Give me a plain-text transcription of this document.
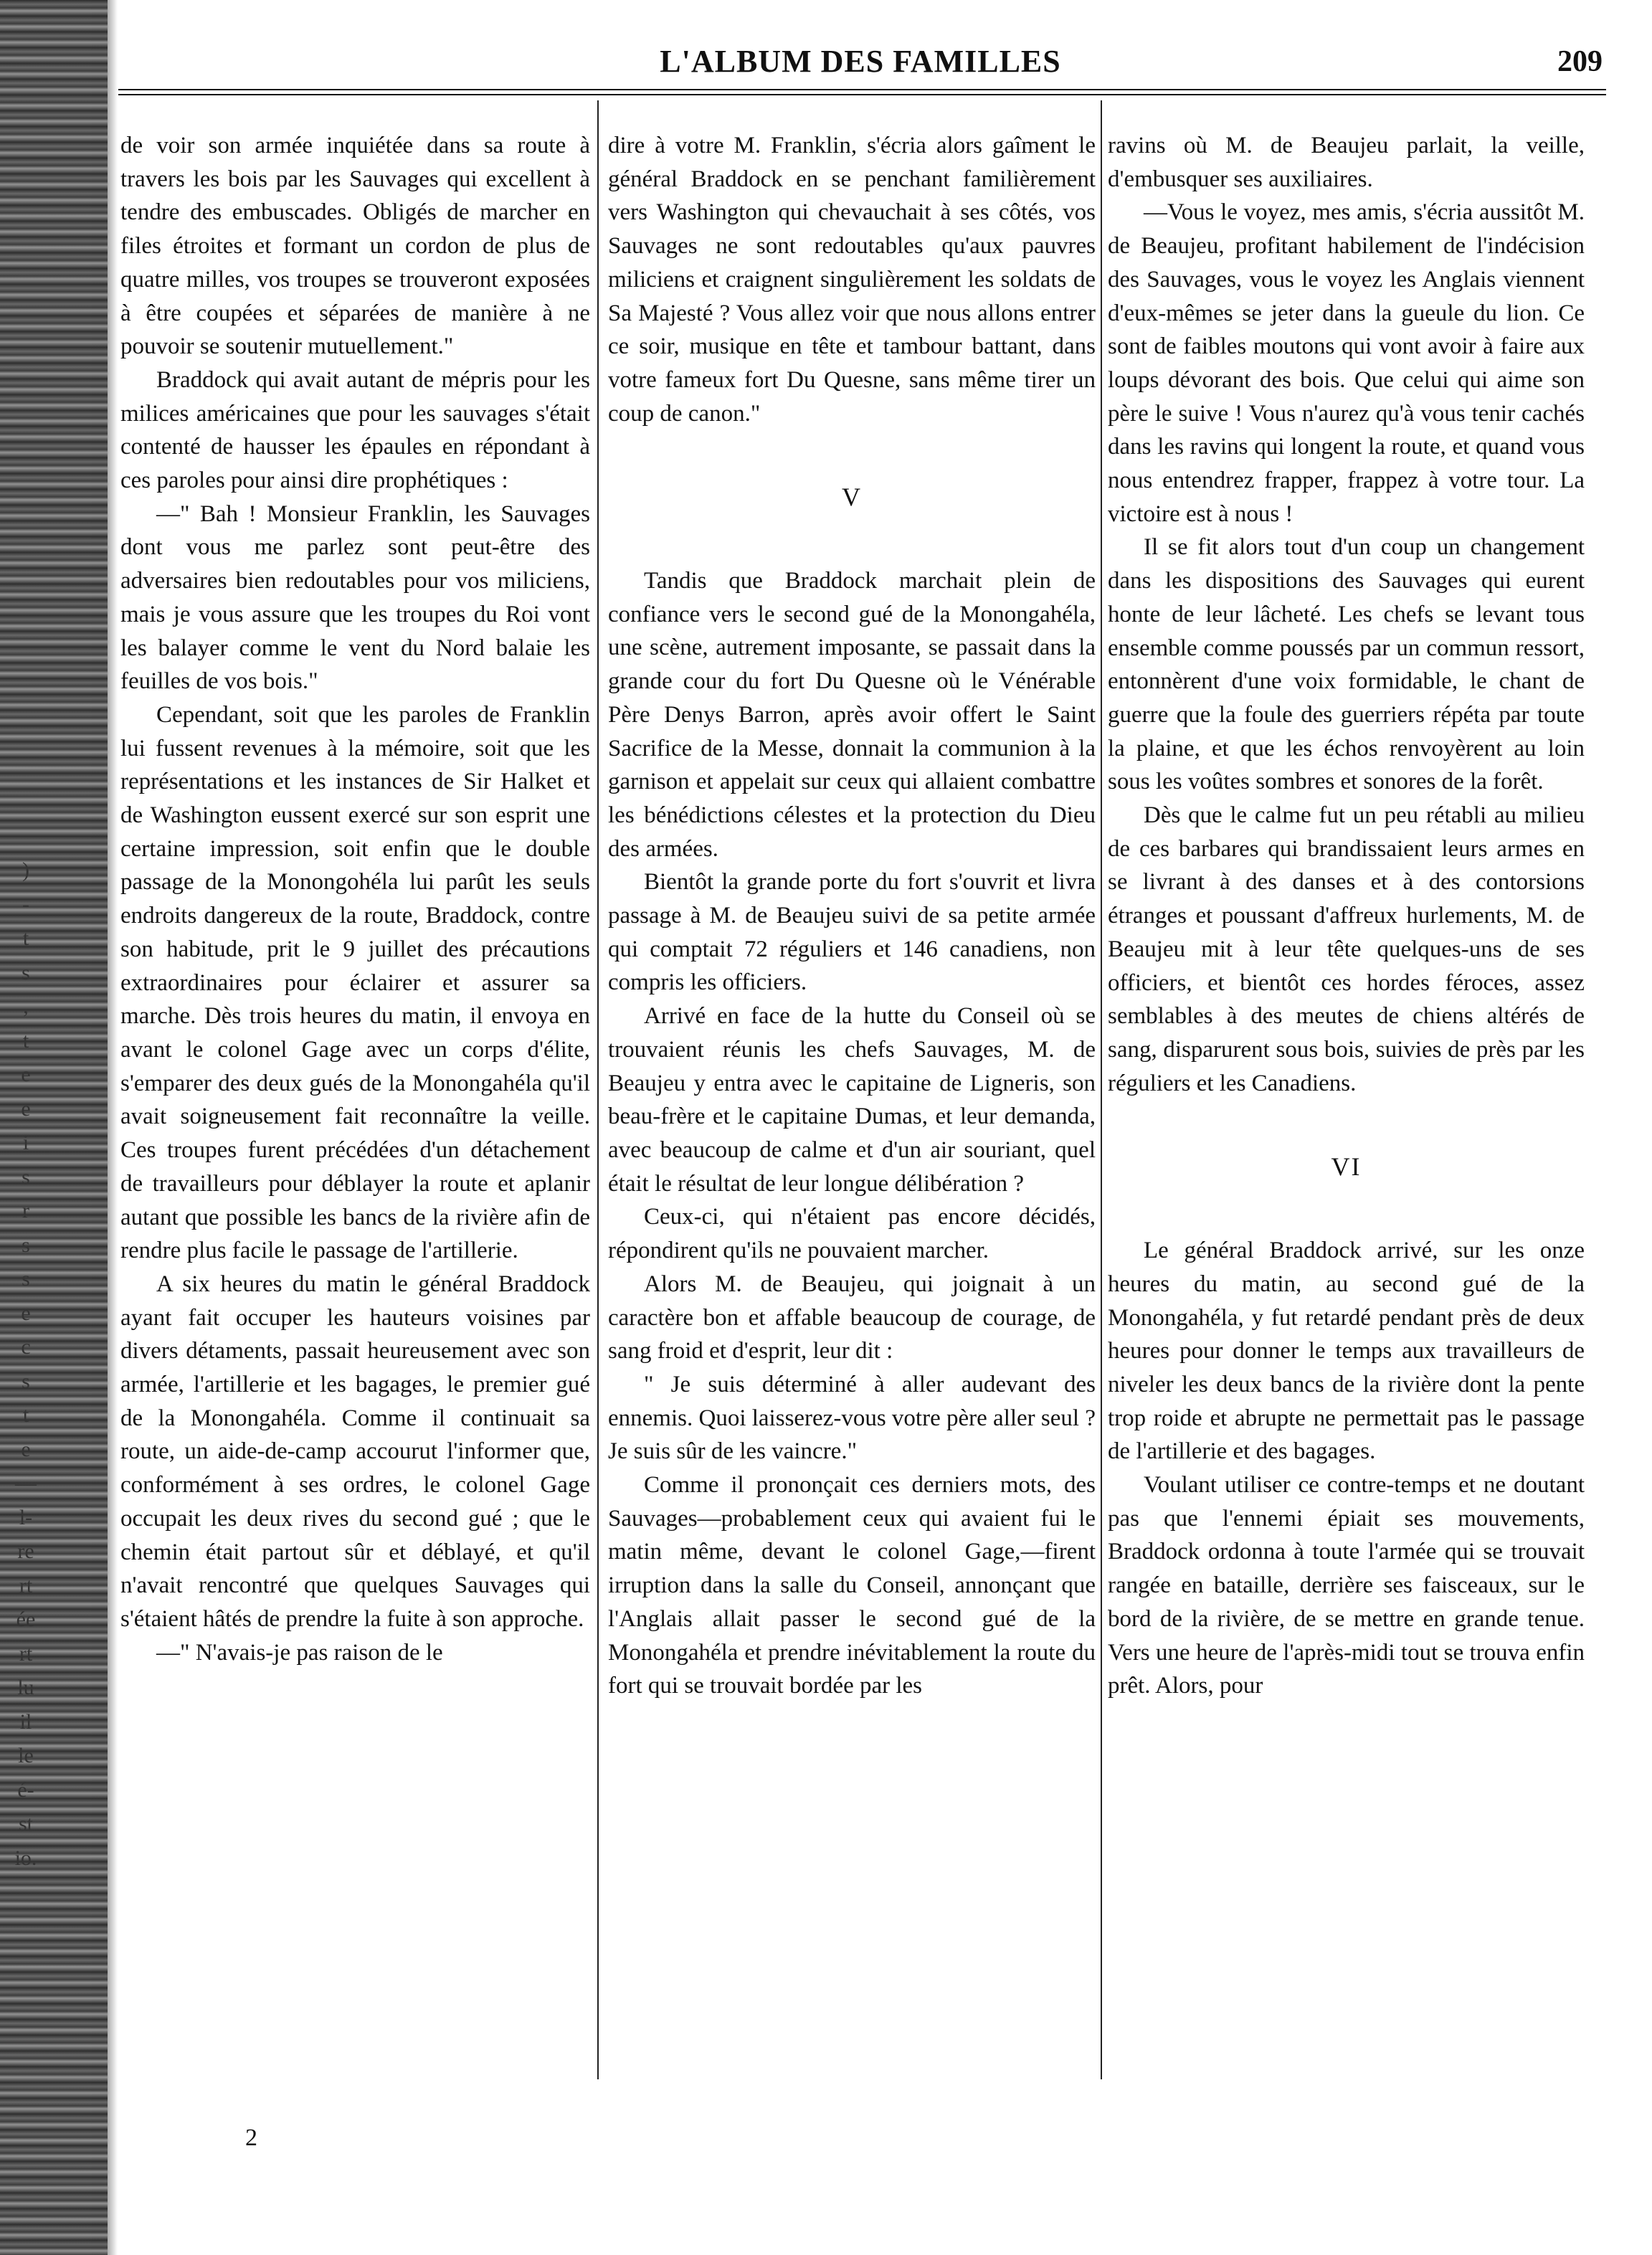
)
-
t
s
,
t
e
e
i
s
r
s
s
e
c
s
t
e
—
l-
re
rt
ée
rt
lu
il
le
é-
st
io.
L'ALBUM DES FAMILLES	209

de voir son armée inquiétée dans sa route à travers les bois par les Sauvages qui excellent à tendre des embuscades. Obligés de marcher en files étroites et formant un cordon de plus de quatre milles, vos troupes se trouveront exposées à être coupées et séparées de manière à ne pouvoir se soutenir mutuellement."

Braddock qui avait autant de mépris pour les milices américaines que pour les sauvages s'était contenté de hausser les épaules en répondant à ces paroles pour ainsi dire prophétiques :

—" Bah ! Monsieur Franklin, les Sauvages dont vous me parlez sont peut-être des adversaires bien redoutables pour vos miliciens, mais je vous assure que les troupes du Roi vont les balayer comme le vent du Nord balaie les feuilles de vos bois."

Cependant, soit que les paroles de Franklin lui fussent revenues à la mémoire, soit que les représentations et les instances de Sir Halket et de Washington eussent exercé sur son esprit une certaine impression, soit enfin que le double passage de la Monongohéla lui parût les seuls endroits dangereux de la route, Braddock, contre son habitude, prit le 9 juillet des précautions extraordinaires pour éclairer et assurer sa marche. Dès trois heures du matin, il envoya en avant le colonel Gage avec un corps d'élite, s'emparer des deux gués de la Monongahéla qu'il avait soigneusement fait reconnaître la veille. Ces troupes furent précédées d'un détachement de travailleurs pour déblayer la route et aplanir autant que possible les bancs de la rivière afin de rendre plus facile le passage de l'artillerie.

A six heures du matin le général Braddock ayant fait occuper les hauteurs voisines par divers détaments, passait heureusement avec son armée, l'artillerie et les bagages, le premier gué de la Monongahéla. Comme il continuait sa route, un aide-de-camp accourut l'informer que, conformément à ses ordres, le colonel Gage occupait les deux rives du second gué ; que le chemin était partout sûr et déblayé, et qu'il n'avait rencontré que quelques Sauvages qui s'étaient hâtés de prendre la fuite à son approche.

—" N'avais-je pas raison de le

dire à votre M. Franklin, s'écria alors gaîment le général Braddock en se penchant familièrement vers Washington qui chevauchait à ses côtés, vos Sauvages ne sont redoutables qu'aux pauvres miliciens et craignent singulièrement les soldats de Sa Majesté ? Vous allez voir que nous allons entrer ce soir, musique en tête et tambour battant, dans votre fameux fort Du Quesne, sans même tirer un coup de canon."

V

Tandis que Braddock marchait plein de confiance vers le second gué de la Monongahéla, une scène, autrement imposante, se passait dans la grande cour du fort Du Quesne où le Vénérable Père Denys Barron, après avoir offert le Saint Sacrifice de la Messe, donnait la communion à la garnison et appelait sur ceux qui allaient combattre les bénédictions célestes et la protection du Dieu des armées.

Bientôt la grande porte du fort s'ouvrit et livra passage à M. de Beaujeu suivi de sa petite armée qui comptait 72 réguliers et 146 canadiens, non compris les officiers.

Arrivé en face de la hutte du Conseil où se trouvaient réunis les chefs Sauvages, M. de Beaujeu y entra avec le capitaine de Ligneris, son beau-frère et le capitaine Dumas, et leur demanda, avec beaucoup de calme et d'un air souriant, quel était le résultat de leur longue délibération ?

Ceux-ci, qui n'étaient pas encore décidés, répondirent qu'ils ne pouvaient marcher.

Alors M. de Beaujeu, qui joignait à un caractère bon et affable beaucoup de courage, de sang froid et d'esprit, leur dit :

" Je suis déterminé à aller audevant des ennemis. Quoi laisserez-vous votre père aller seul ? Je suis sûr de les vaincre."

Comme il prononçait ces derniers mots, des Sauvages—probablement ceux qui avaient fui le matin même, devant le colonel Gage,—firent irruption dans la salle du Conseil, annonçant que l'Anglais allait passer le second gué de la Monongahéla et prendre inévitablement la route du fort qui se trouvait bordée par les

ravins où M. de Beaujeu parlait, la veille, d'embusquer ses auxiliaires.

—Vous le voyez, mes amis, s'écria aussitôt M. de Beaujeu, profitant habilement de l'indécision des Sauvages, vous le voyez les Anglais viennent d'eux-mêmes se jeter dans la gueule du lion. Ce sont de faibles moutons qui vont avoir à faire aux loups dévorant des bois. Que celui qui aime son père le suive ! Vous n'aurez qu'à vous tenir cachés dans les ravins qui longent la route, et quand vous nous entendrez frapper, frappez à votre tour. La victoire est à nous !

Il se fit alors tout d'un coup un changement dans les dispositions des Sauvages qui eurent honte de leur lâcheté. Les chefs se levant tous ensemble comme poussés par un commun ressort, entonnèrent d'une voix formidable, le chant de guerre que la foule des guerriers répéta par toute la plaine, et que les échos renvoyèrent au loin sous les voûtes sombres et sonores de la forêt.

Dès que le calme fut un peu rétabli au milieu de ces barbares qui brandissaient leurs armes en se livrant à des danses et à des contorsions étranges et poussant d'affreux hurlements, M. de Beaujeu mit à leur tête quelques-uns de ses officiers, et bientôt ces hordes féroces, assez semblables à des meutes de chiens altérés de sang, disparurent sous bois, suivies de près par les réguliers et les Canadiens.

VI

Le général Braddock arrivé, sur les onze heures du matin, au second gué de la Monongahéla, y fut retardé pendant près de deux heures pour donner le temps aux travailleurs de niveler les deux bancs de la rivière dont la pente trop roide et abrupte ne permettait pas le passage de l'artillerie et des bagages.

Voulant utiliser ce contre-temps et ne doutant pas que l'ennemi épiait ses mouvements, Braddock ordonna à toute l'armée qui se trouvait rangée en bataille, derrière ses faisceaux, sur le bord de la rivière, de se mettre en grande tenue. Vers une heure de l'après-midi tout se trouva enfin prêt. Alors, pour

2
